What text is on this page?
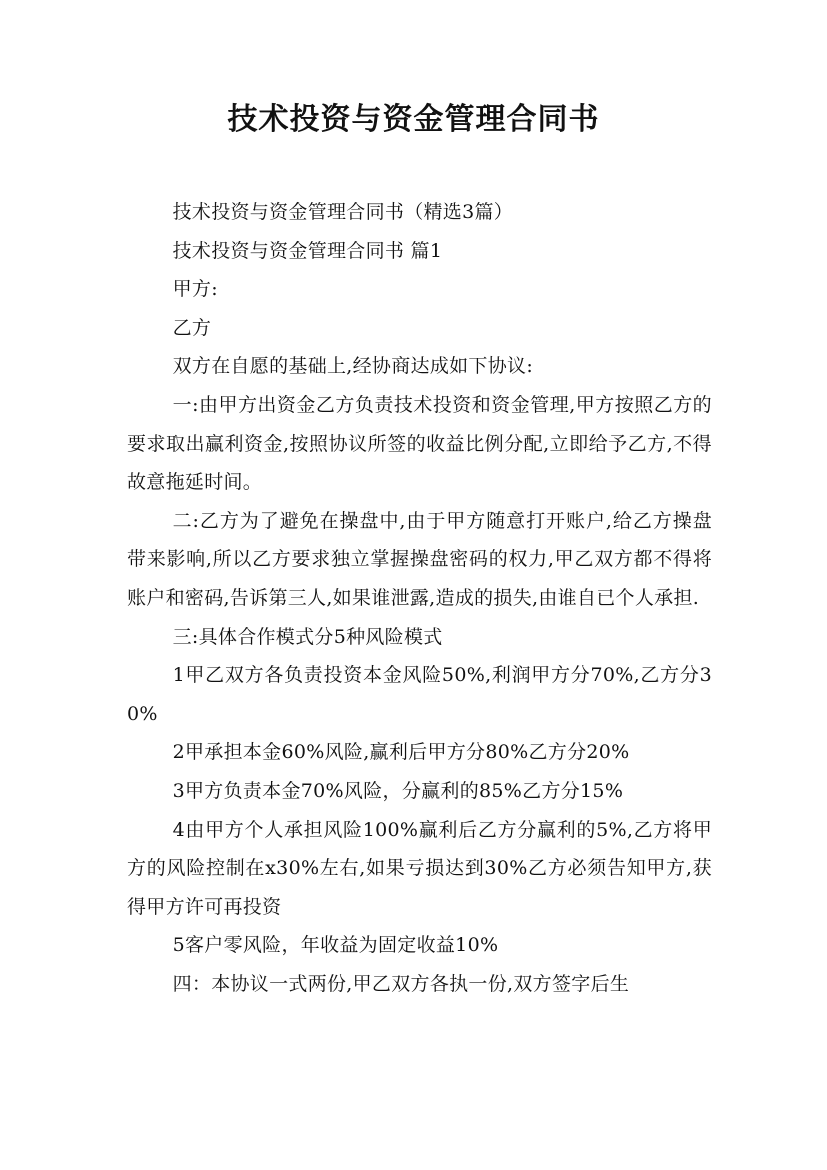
技术投资与资金管理合同书

技术投资与资金管理合同书（精选3篇）

技术投资与资金管理合同书 篇1

甲方:

乙方

双方在自愿的基础上,经协商达成如下协议:

一:由甲方出资金乙方负责技术投资和资金管理,甲方按照乙方的要求取出赢利资金,按照协议所签的收益比例分配,立即给予乙方,不得故意拖延时间。

二:乙方为了避免在操盘中,由于甲方随意打开账户,给乙方操盘带来影响,所以乙方要求独立掌握操盘密码的权力,甲乙双方都不得将账户和密码,告诉第三人,如果谁泄露,造成的损失,由谁自已个人承担.

三:具体合作模式分5种风险模式

1甲乙双方各负责投资本金风险50%,利润甲方分70%,乙方分30%

2甲承担本金60%风险,赢利后甲方分80%乙方分20%

3甲方负责本金70%风险，分赢利的85%乙方分15%

4由甲方个人承担风险100%赢利后乙方分赢利的5%,乙方将甲方的风险控制在x30%左右,如果亏损达到30%乙方必须告知甲方,获得甲方许可再投资

5客户零风险，年收益为固定收益10%

四：本协议一式两份,甲乙双方各执一份,双方签字后生
